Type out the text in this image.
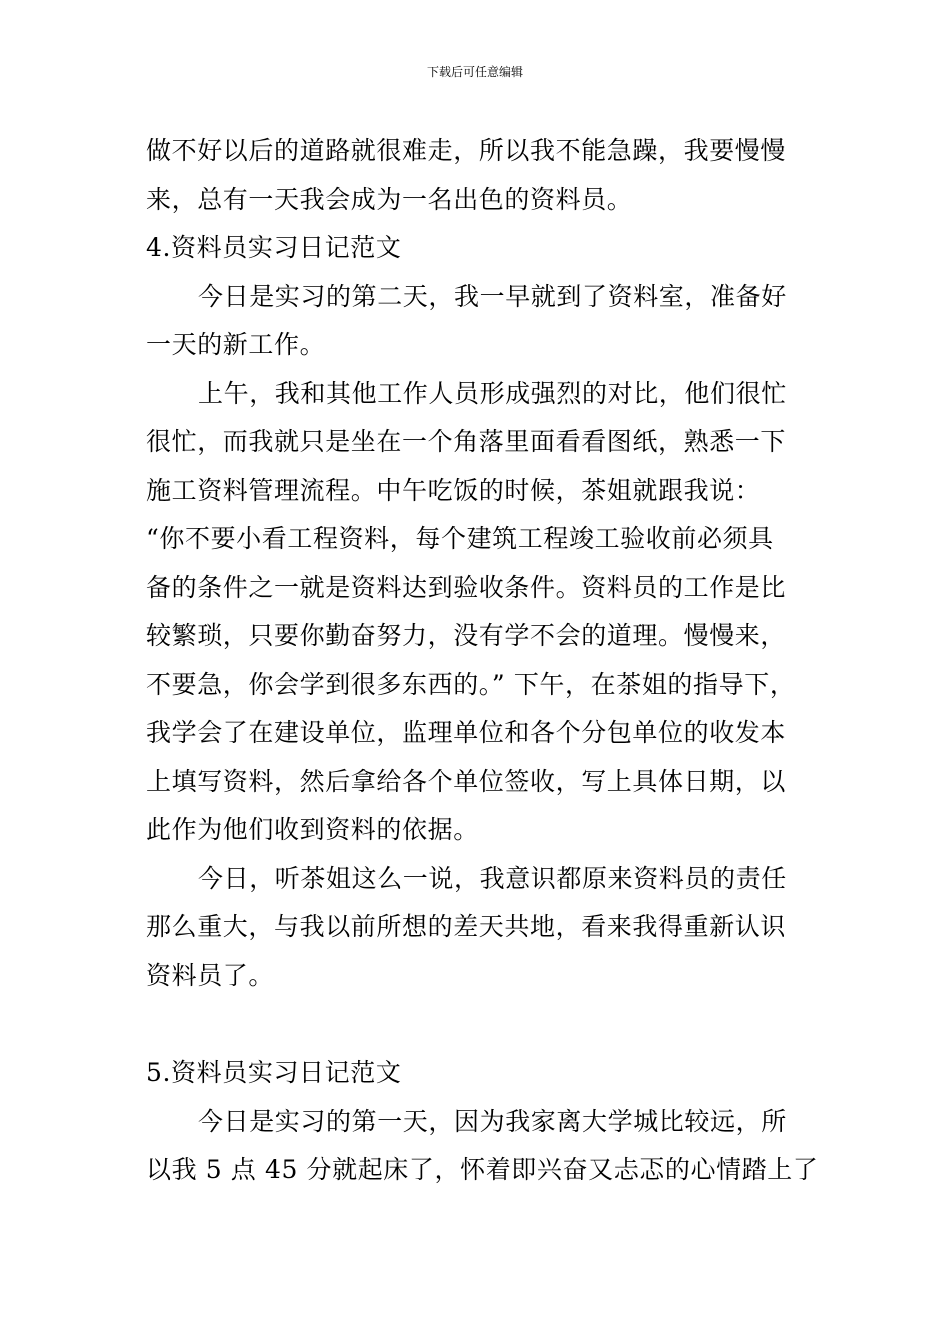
下载后可任意编辑
做不好以后的道路就很难走，所以我不能急躁，我要慢慢
来，总有一天我会成为一名出色的资料员。
4.资料员实习日记范文
今日是实习的第二天，我一早就到了资料室，准备好
一天的新工作。
上午，我和其他工作人员形成强烈的对比，他们很忙
很忙，而我就只是坐在一个角落里面看看图纸，熟悉一下
施工资料管理流程。中午吃饭的时候，茶姐就跟我说：
“你不要小看工程资料，每个建筑工程竣工验收前必须具
备的条件之一就是资料达到验收条件。资料员的工作是比
较繁琐，只要你勤奋努力，没有学不会的道理。慢慢来，
不要急，你会学到很多东西的。” 下午，在茶姐的指导下，
我学会了在建设单位，监理单位和各个分包单位的收发本
上填写资料，然后拿给各个单位签收，写上具体日期，以
此作为他们收到资料的依据。
今日，听茶姐这么一说，我意识都原来资料员的责任
那么重大，与我以前所想的差天共地，看来我得重新认识
资料员了。
5.资料员实习日记范文
今日是实习的第一天，因为我家离大学城比较远，所
以我 5 点 45 分就起床了，怀着即兴奋又忐忑的心情踏上了
